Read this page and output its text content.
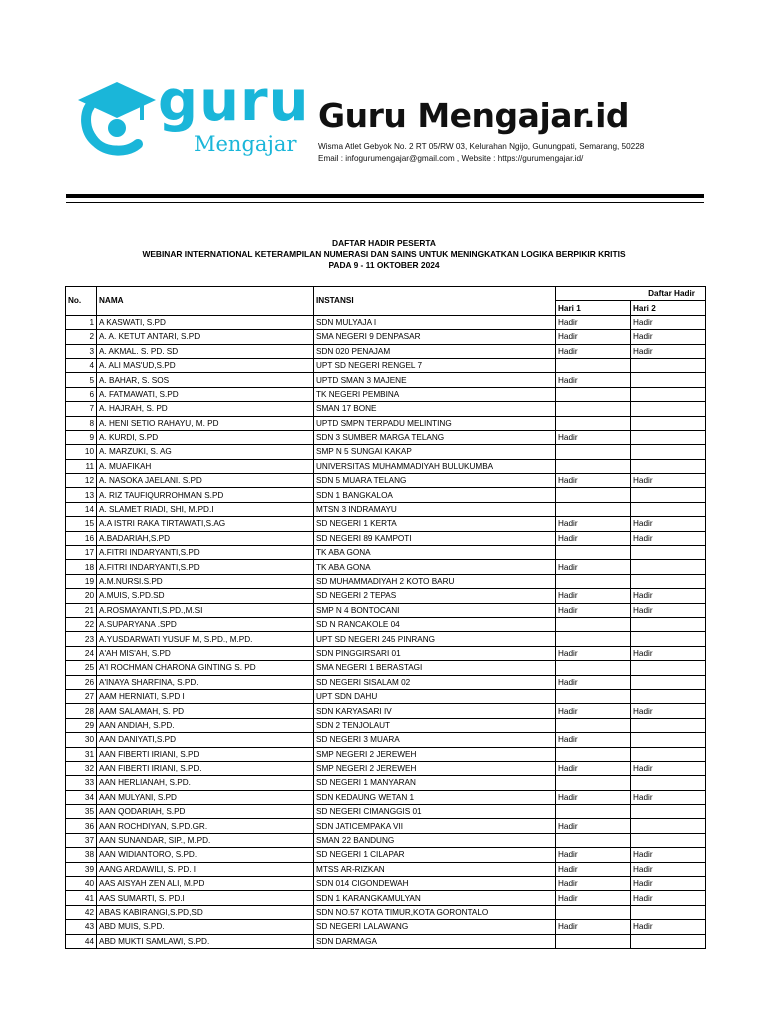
guru
Mengajar
Guru Mengajar.id
Wisma Atlet Gebyok No. 2 RT 05/RW 03, Kelurahan Ngijo, Gunungpati, Semarang, 50228
Email : infogurumengajar@gmail.com , Website : https://gurumengajar.id/
DAFTAR HADIR PESERTA
WEBINAR INTERNATIONAL KETERAMPILAN NUMERASI DAN SAINS UNTUK MENINGKATKAN LOGIKA BERPIKIR KRITIS
PADA 9 - 11 OKTOBER 2024
No.	NAMA	INSTANSI	Daftar Hadir	
			Hari 1	Hari 2
1	A KASWATI, S.PD	SDN MULYAJA I	Hadir	Hadir
2	A. A. KETUT ANTARI, S.PD	SMA NEGERI 9 DENPASAR	Hadir	Hadir
3	A. AKMAL. S. PD. SD	SDN 020 PENAJAM	Hadir	Hadir
4	A. ALI MAS'UD,S.PD	UPT SD NEGERI RENGEL 7		
5	A. BAHAR, S. SOS	UPTD SMAN 3 MAJENE	Hadir	
6	A. FATMAWATI, S.PD	TK NEGERI PEMBINA		
7	A. HAJRAH, S. PD	SMAN 17 BONE		
8	A. HENI SETIO RAHAYU, M. PD	UPTD SMPN TERPADU MELINTING		
9	A. KURDI, S.PD	SDN 3 SUMBER MARGA TELANG	Hadir	
10	A. MARZUKI, S. AG	SMP N 5 SUNGAI KAKAP		
11	A. MUAFIKAH	UNIVERSITAS MUHAMMADIYAH BULUKUMBA		
12	A. NASOKA JAELANI. S.PD	SDN 5 MUARA TELANG	Hadir	Hadir
13	A. RIZ TAUFIQURROHMAN S.PD	SDN 1 BANGKALOA		
14	A. SLAMET RIADI, SHI, M.PD.I	MTSN 3 INDRAMAYU		
15	A.A ISTRI RAKA TIRTAWATI,S.AG	SD NEGERI 1 KERTA	Hadir	Hadir
16	A.BADARIAH,S.PD	SD NEGERI 89 KAMPOTI	Hadir	Hadir
17	A.FITRI INDARYANTI,S.PD	TK ABA GONA		
18	A.FITRI INDARYANTI,S.PD	TK ABA GONA	Hadir	
19	A.M.NURSI.S.PD	SD MUHAMMADIYAH 2 KOTO BARU		
20	A.MUIS, S.PD.SD	SD NEGERI 2 TEPAS	Hadir	Hadir
21	A.ROSMAYANTI,S.PD.,M.SI	SMP N 4 BONTOCANI	Hadir	Hadir
22	A.SUPARYANA .SPD	SD N RANCAKOLE 04		
23	A.YUSDARWATI YUSUF M, S.PD., M.PD.	UPT SD NEGERI 245 PINRANG		
24	A'AH MIS'AH, S.PD	SDN PINGGIRSARI 01	Hadir	Hadir
25	A'I ROCHMAN CHARONA GINTING S. PD	SMA NEGERI 1 BERASTAGI		
26	A'INAYA SHARFINA, S.PD.	SD NEGERI SISALAM 02	Hadir	
27	AAM HERNIATI, S.PD I	UPT SDN DAHU		
28	AAM SALAMAH, S. PD	SDN KARYASARI IV	Hadir	Hadir
29	AAN ANDIAH, S.PD.	SDN 2 TENJOLAUT		
30	AAN DANIYATI,S.PD	SD NEGERI 3 MUARA	Hadir	
31	AAN FIBERTI IRIANI, S.PD	SMP NEGERI 2 JEREWEH		
32	AAN FIBERTI IRIANI, S.PD.	SMP NEGERI 2 JEREWEH	Hadir	Hadir
33	AAN HERLIANAH, S.PD.	SD NEGERI 1 MANYARAN		
34	AAN MULYANI, S.PD	SDN KEDAUNG WETAN 1	Hadir	Hadir
35	AAN QODARIAH, S.PD	SD NEGERI CIMANGGIS 01		
36	AAN ROCHDIYAN, S.PD.GR.	SDN JATICEMPAKA VII	Hadir	
37	AAN SUNANDAR, SIP., M.PD.	SMAN 22 BANDUNG		
38	AAN WIDIANTORO, S.PD.	SD NEGERI 1 CILAPAR	Hadir	Hadir
39	AANG ARDAWILI, S. PD. I	MTSS AR-RIZKAN	Hadir	Hadir
40	AAS AISYAH ZEN ALI, M.PD	SDN 014 CIGONDEWAH	Hadir	Hadir
41	AAS SUMARTI, S. PD.I	SDN 1 KARANGKAMULYAN	Hadir	Hadir
42	ABAS KABIRANGI,S.PD,SD	SDN NO.57 KOTA TIMUR,KOTA GORONTALO		
43	ABD MUIS, S.PD.	SD NEGERI LALAWANG	Hadir	Hadir
44	ABD MUKTI SAMLAWI, S.PD.	SDN DARMAGA		
